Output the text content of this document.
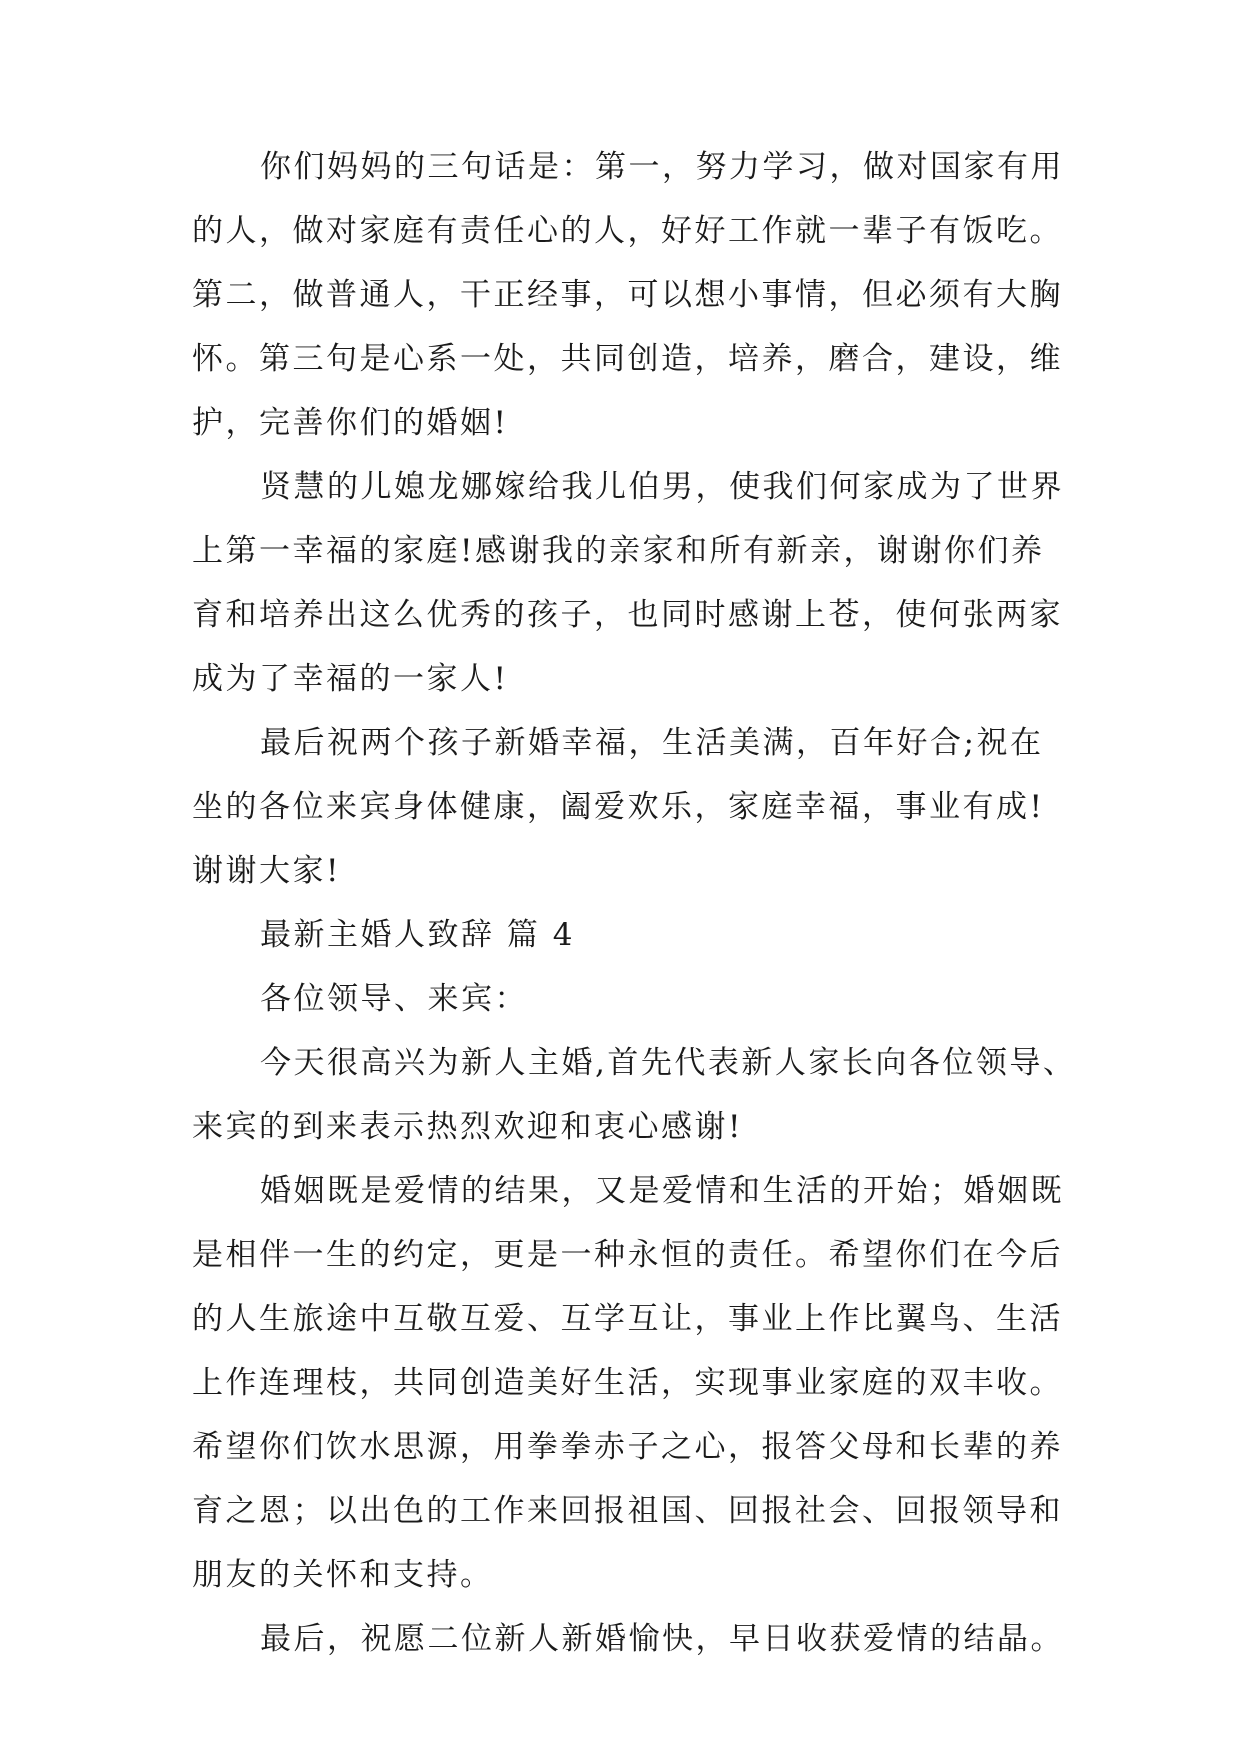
你们妈妈的三句话是：第一，努力学习，做对国家有用
的人，做对家庭有责任心的人，好好工作就一辈子有饭吃。
第二，做普通人，干正经事，可以想小事情，但必须有大胸
怀。第三句是心系一处，共同创造，培养，磨合，建设，维
护，完善你们的婚姻!
贤慧的儿媳龙娜嫁给我儿伯男，使我们何家成为了世界
上第一幸福的家庭!感谢我的亲家和所有新亲，谢谢你们养
育和培养出这么优秀的孩子，也同时感谢上苍，使何张两家
成为了幸福的一家人!
最后祝两个孩子新婚幸福，生活美满，百年好合;祝在
坐的各位来宾身体健康，阖爱欢乐，家庭幸福，事业有成!
谢谢大家!
最新主婚人致辞 篇 4
各位领导、来宾：
今天很高兴为新人主婚,首先代表新人家长向各位领导、
来宾的到来表示热烈欢迎和衷心感谢!
婚姻既是爱情的结果，又是爱情和生活的开始；婚姻既
是相伴一生的约定，更是一种永恒的责任。希望你们在今后
的人生旅途中互敬互爱、互学互让，事业上作比翼鸟、生活
上作连理枝，共同创造美好生活，实现事业家庭的双丰收。
希望你们饮水思源，用拳拳赤子之心，报答父母和长辈的养
育之恩；以出色的工作来回报祖国、回报社会、回报领导和
朋友的关怀和支持。
最后，祝愿二位新人新婚愉快，早日收获爱情的结晶。
